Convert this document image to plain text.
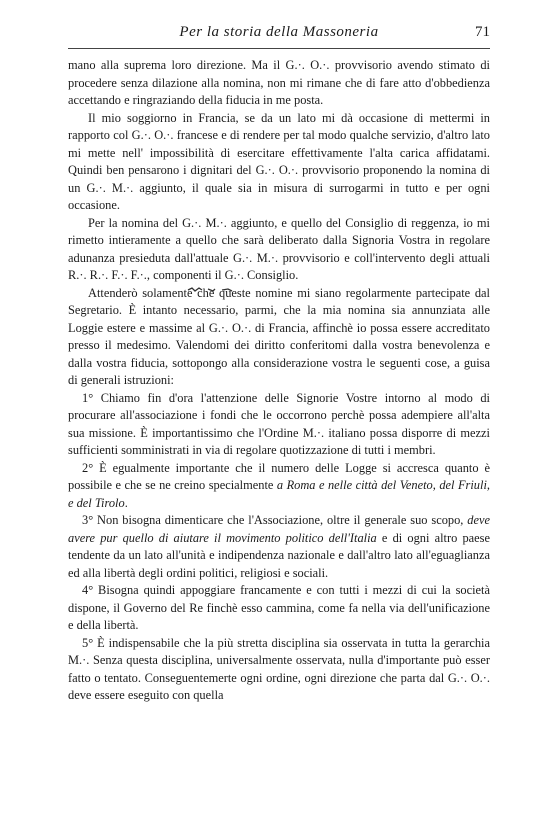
Per la storia della Massoneria	71

mano alla suprema loro direzione. Ma il G.·. O.·. provvisorio avendo stimato di procedere senza dilazione alla nomina, non mi rimane che di fare atto d'obbedienza accettando e ringraziando della fiducia in me posta.

Il mio soggiorno in Francia, se da un lato mi dà occasione di mettermi in rapporto col G.·. O.·. francese e di rendere per tal modo qualche servizio, d'altro lato mi mette nell' impossibilità di esercitare effettivamente l'alta carica affidatami. Quindi ben pensarono i dignitari del G.·. O.·. provvisorio proponendo la nomina di un G.·. M.·. aggiunto, il quale sia in misura di surrogarmi in tutto e per ogni occasione.

Per la nomina del G.·. M.·. aggiunto, e quello del Consiglio di reggenza, io mi rimetto intieramente a quello che sarà deliberato dalla Signoria Vostra in regolare adunanza presieduta dall'attuale G.·. M.·. provvisorio e coll'intervento degli attuali R.·. R.·. F.·. F.·., componenti il G.·. Consiglio.

Attenderò solamente che queste nomine mi siano regolarmente partecipate dal Segretario. È intanto necessario, parmi, che la mia nomina sia annunziata alle Loggie estere e massime al G.·. O.·. di Francia, affinchè io possa essere accreditato presso il medesimo. Valendomi dei diritto conferitomi dalla vostra benevolenza e dalla vostra fiducia, sottopongo alla considerazione vostra le seguenti cose, a guisa di generali istruzioni:

1° Chiamo fin d'ora l'attenzione delle Signorie Vostre intorno al modo di procurare all'associazione i fondi che le occorrono perchè possa adempiere all'alta sua missione. È importantissimo che l'Ordine M.·. italiano possa disporre di mezzi sufficienti somministrati in via di regolare quotizzazione di tutti i membri.

2° È egualmente importante che il numero delle Logge si accresca quanto è possibile e che se ne creino specialmente a Roma e nelle città del Veneto, del Friuli, e del Tirolo.

3° Non bisogna dimenticare che l'Associazione, oltre il generale suo scopo, deve avere pur quello di aiutare il movimento politico dell'Italia e di ogni altro paese tendente da un lato all'unità e indipendenza nazionale e dall'altro lato all'eguaglianza ed alla libertà degli ordini politici, religiosi e sociali.

4° Bisogna quindi appoggiare francamente e con tutti i mezzi di cui la società dispone, il Governo del Re finchè esso cammina, come fa nella via dell'unificazione e della libertà.

5° È indispensabile che la più stretta disciplina sia osservata in tutta la gerarchia M.·. Senza questa disciplina, universalmente osservata, nulla d'importante può esser fatto o tentato. Conseguentemerte ogni ordine, ogni direzione che parta dal G.·. O.·. deve essere eseguito con quella
